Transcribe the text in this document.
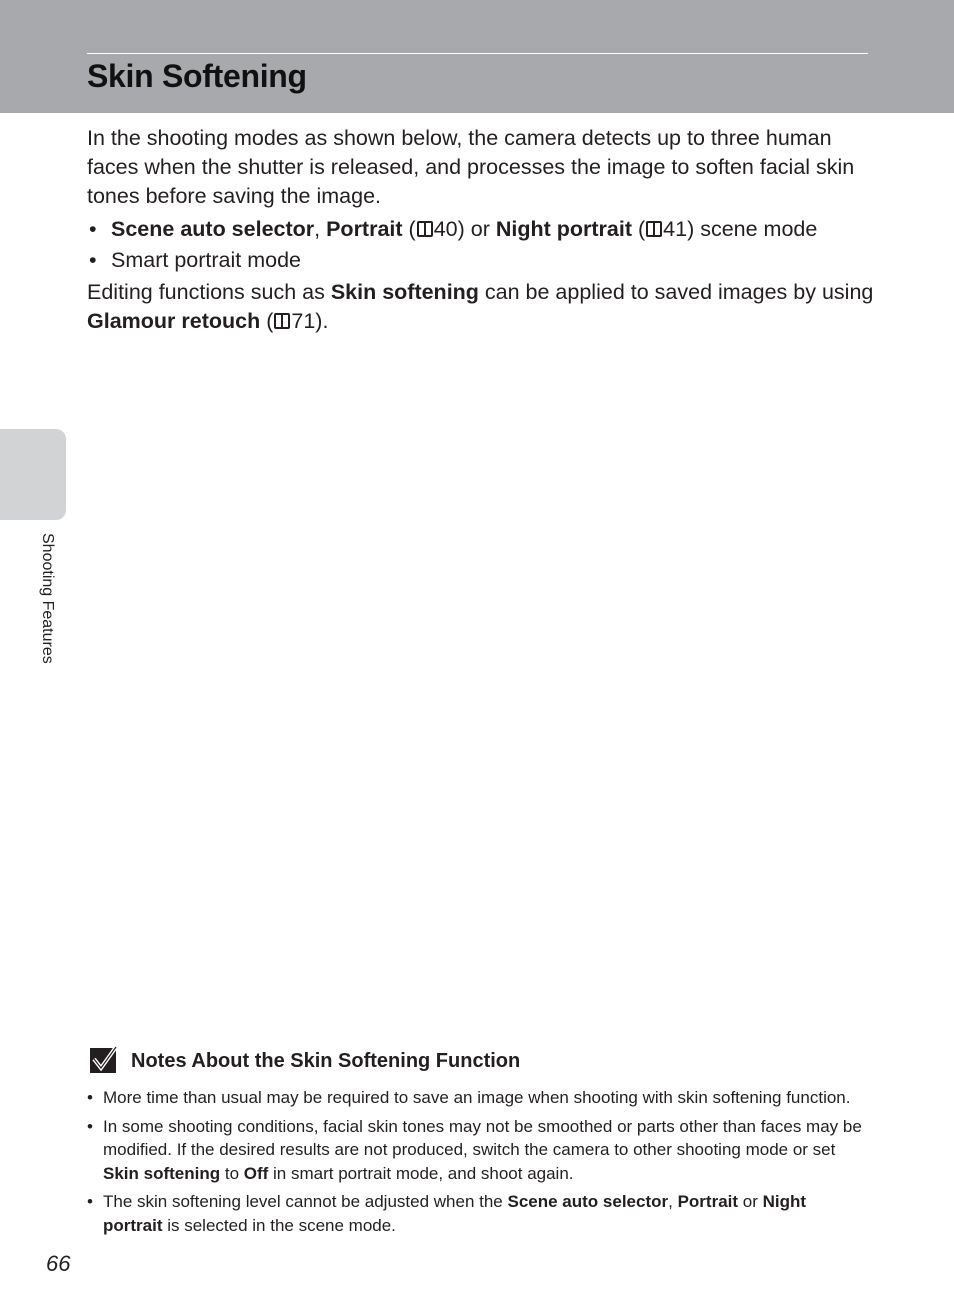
Skin Softening

In the shooting modes as shown below, the camera detects up to three human faces when the shutter is released, and processes the image to soften facial skin tones before saving the image.

• Scene auto selector, Portrait ( 40) or Night portrait ( 41) scene mode
• Smart portrait mode

Editing functions such as Skin softening can be applied to saved images by using Glamour retouch ( 71).

Shooting Features
Notes About the Skin Softening Function
• More time than usual may be required to save an image when shooting with skin softening function.
• In some shooting conditions, facial skin tones may not be smoothed or parts other than faces may be modified. If the desired results are not produced, switch the camera to other shooting mode or set Skin softening to Off in smart portrait mode, and shoot again.
• The skin softening level cannot be adjusted when the Scene auto selector, Portrait or Night portrait is selected in the scene mode.
66
